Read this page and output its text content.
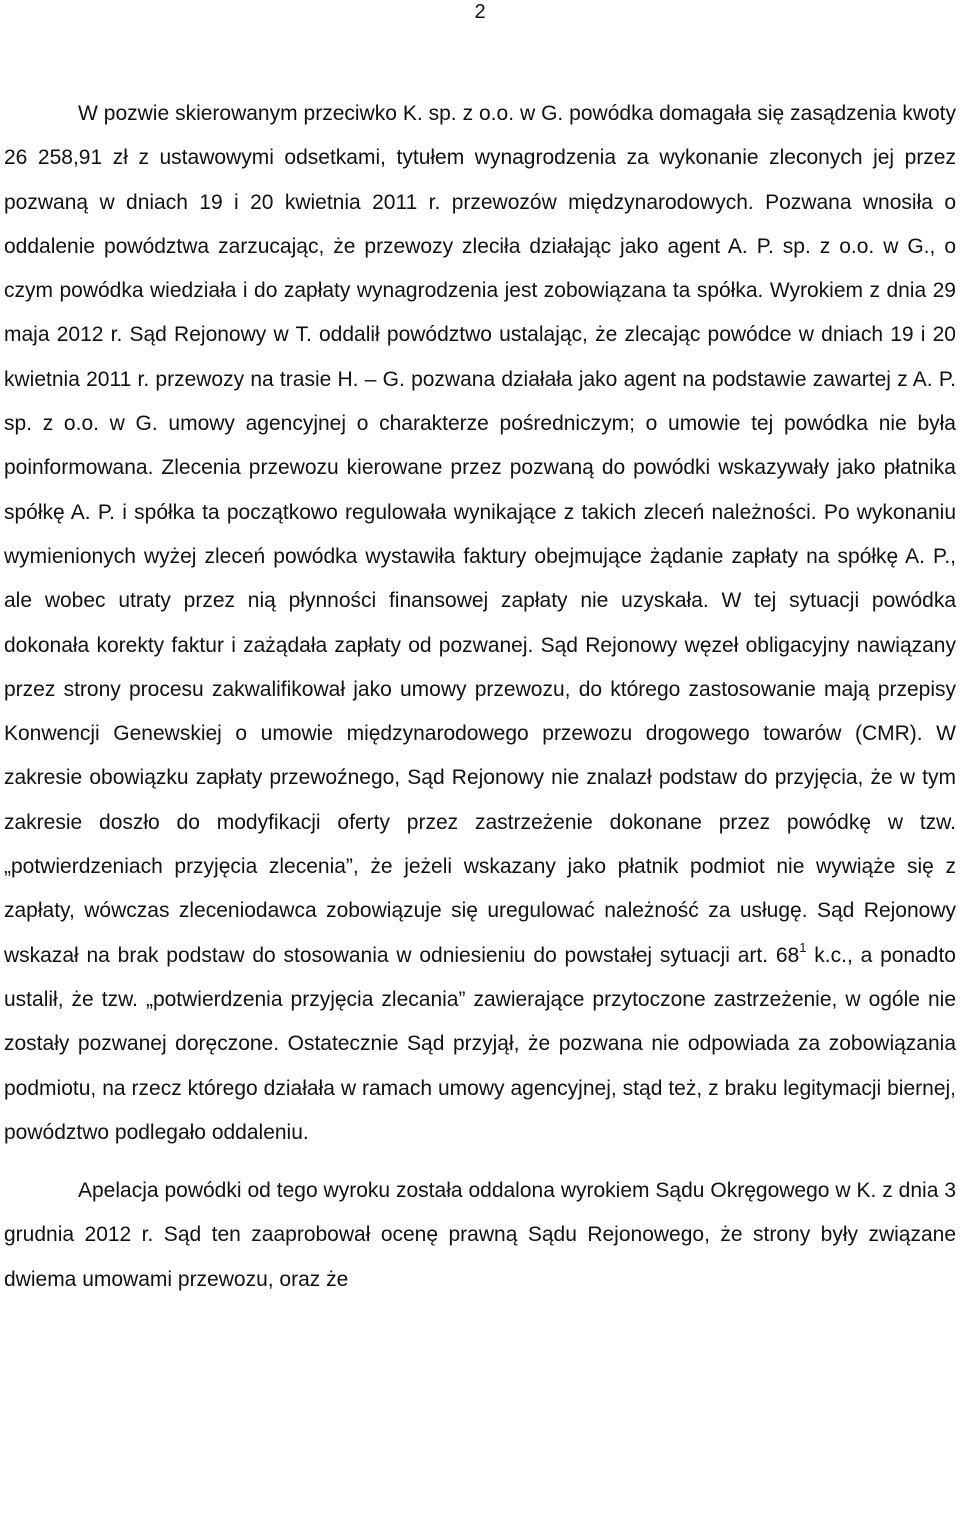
2

W pozwie skierowanym przeciwko K. sp. z o.o. w G. powódka domagała się zasądzenia kwoty 26 258,91 zł z ustawowymi odsetkami, tytułem wynagrodzenia za wykonanie zleconych jej przez pozwaną w dniach 19 i 20 kwietnia 2011 r. przewozów międzynarodowych. Pozwana wnosiła o oddalenie powództwa zarzucając, że przewozy zleciła działając jako agent A. P. sp. z o.o. w G., o czym powódka wiedziała i do zapłaty wynagrodzenia jest zobowiązana ta spółka. Wyrokiem z dnia 29 maja 2012 r. Sąd Rejonowy w T. oddalił powództwo ustalając, że zlecając powódce w dniach 19 i 20 kwietnia 2011 r. przewozy na trasie H. – G. pozwana działała jako agent na podstawie zawartej z A. P. sp. z o.o. w G. umowy agencyjnej o charakterze pośredniczym; o umowie tej powódka nie była poinformowana. Zlecenia przewozu kierowane przez pozwaną do powódki wskazywały jako płatnika spółkę A. P. i spółka ta początkowo regulowała wynikające z takich zleceń należności. Po wykonaniu wymienionych wyżej zleceń powódka wystawiła faktury obejmujące żądanie zapłaty na spółkę A. P., ale wobec utraty przez nią płynności finansowej zapłaty nie uzyskała. W tej sytuacji powódka dokonała korekty faktur i zażądała zapłaty od pozwanej. Sąd Rejonowy węzeł obligacyjny nawiązany przez strony procesu zakwalifikował jako umowy przewozu, do którego zastosowanie mają przepisy Konwencji Genewskiej o umowie międzynarodowego przewozu drogowego towarów (CMR). W zakresie obowiązku zapłaty przewoźnego, Sąd Rejonowy nie znalazł podstaw do przyjęcia, że w tym zakresie doszło do modyfikacji oferty przez zastrzeżenie dokonane przez powódkę w tzw. „potwierdzeniach przyjęcia zlecenia”, że jeżeli wskazany jako płatnik podmiot nie wywiąże się z zapłaty, wówczas zleceniodawca zobowiązuje się uregulować należność za usługę. Sąd Rejonowy wskazał na brak podstaw do stosowania w odniesieniu do powstałej sytuacji art. $68^1$ k.c., a ponadto ustalił, że tzw. „potwierdzenia przyjęcia zlecania” zawierające przytoczone zastrzeżenie, w ogóle nie zostały pozwanej doręczone. Ostatecznie Sąd przyjął, że pozwana nie odpowiada za zobowiązania podmiotu, na rzecz którego działała w ramach umowy agencyjnej, stąd też, z braku legitymacji biernej, powództwo podlegało oddaleniu.

Apelacja powódki od tego wyroku została oddalona wyrokiem Sądu Okręgowego w K. z dnia 3 grudnia 2012 r. Sąd ten zaaprobował ocenę prawną Sądu Rejonowego, że strony były związane dwiema umowami przewozu, oraz że
